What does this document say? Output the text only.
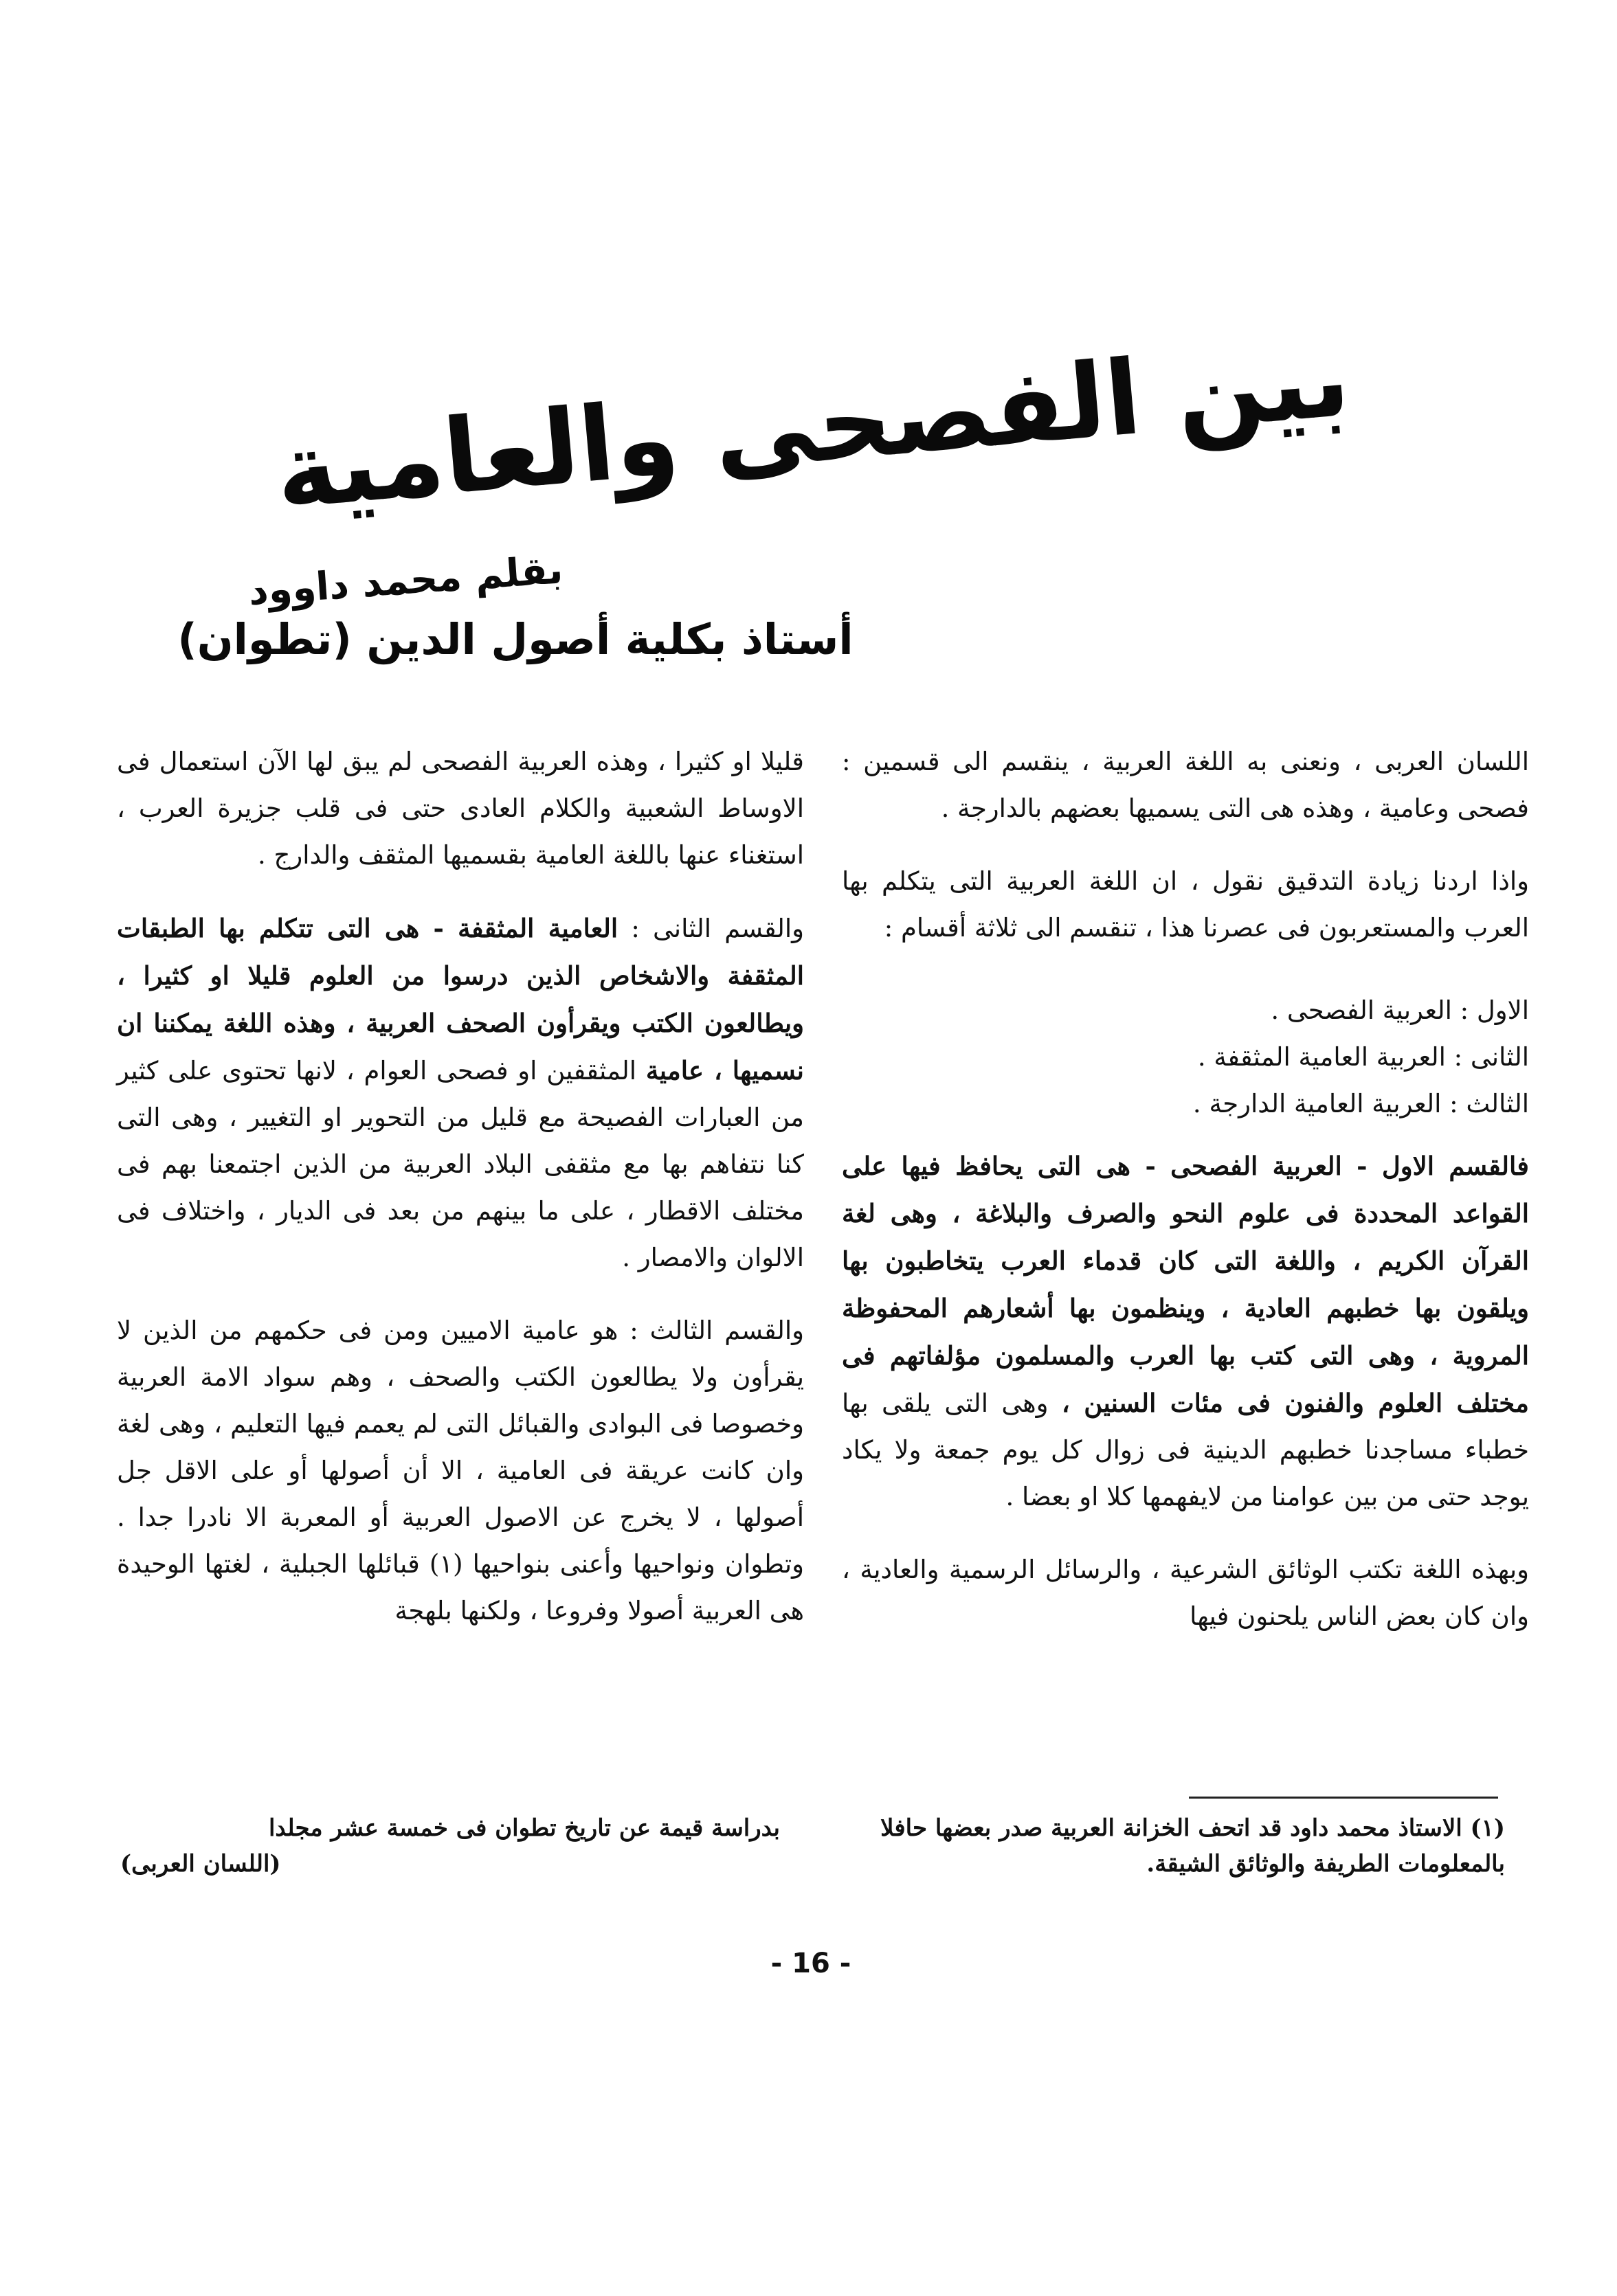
بين الفصحى والعامية
بقلم محمد داوود
أستاذ بكلية أصول الدين (تطوان)

اللسان العربى ، ونعنى به اللغة العربية ، ينقسم الى قسمين : فصحى وعامية ، وهذه هى التى يسميها بعضهم بالدارجة .

واذا اردنا زيادة التدقيق نقول ، ان اللغة العربية التى يتكلم بها العرب والمستعربون فى عصرنا هذا ، تنقسم الى ثلاثة أقسام :

الاول : العربية الفصحى .

الثانى : العربية العامية المثقفة .

الثالث : العربية العامية الدارجة .

فالقسم الاول - العربية الفصحى - هى التى يحافظ فيها على القواعد المحددة فى علوم النحو والصرف والبلاغة ، وهى لغة القرآن الكريم ، واللغة التى كان قدماء العرب يتخاطبون بها ويلقون بها خطبهم العادية ، وينظمون بها أشعارهم المحفوظة المروية ، وهى التى كتب بها العرب والمسلمون مؤلفاتهم فى مختلف العلوم والفنون فى مئات السنين ، وهى التى يلقى بها خطباء مساجدنا خطبهم الدينية فى زوال كل يوم جمعة ولا يكاد يوجد حتى من بين عوامنا من لايفهمها كلا او بعضا .

وبهذه اللغة تكتب الوثائق الشرعية ، والرسائل الرسمية والعادية ، وان كان بعض الناس يلحنون فيها

قليلا او كثيرا ، وهذه العربية الفصحى لم يبق لها الآن استعمال فى الاوساط الشعبية والكلام العادى حتى فى قلب جزيرة العرب ، استغناء عنها باللغة العامية بقسميها المثقف والدارج .

والقسم الثانى : العامية المثقفة - هى التى تتكلم بها الطبقات المثقفة والاشخاص الذين درسوا من العلوم قليلا او كثيرا ، ويطالعون الكتب ويقرأون الصحف العربية ، وهذه اللغة يمكننا ان نسميها ، عامية المثقفين او فصحى العوام ، لانها تحتوى على كثير من العبارات الفصيحة مع قليل من التحوير او التغيير ، وهى التى كنا نتفاهم بها مع مثقفى البلاد العربية من الذين اجتمعنا بهم فى مختلف الاقطار ، على ما بينهم من بعد فى الديار ، واختلاف فى الالوان والامصار .

والقسم الثالث : هو عامية الاميين ومن فى حكمهم من الذين لا يقرأون ولا يطالعون الكتب والصحف ، وهم سواد الامة العربية وخصوصا فى البوادى والقبائل التى لم يعمم فيها التعليم ، وهى لغة وان كانت عريقة فى العامية ، الا أن أصولها أو على الاقل جل أصولها ، لا يخرج عن الاصول العربية أو المعربة الا نادرا جدا . وتطوان ونواحيها وأعنى بنواحيها (١) قبائلها الجبلية ، لغتها الوحيدة هى العربية أصولا وفروعا ، ولكنها بلهجة

(١) الاستاذ محمد داود قد اتحف الخزانة العربية صدر بعضها حافلا بالمعلومات الطريفة والوثائق الشيقة.
بدراسة قيمة عن تاريخ تطوان فى خمسة عشر مجلدا
(اللسان العربى)
- 16 -
